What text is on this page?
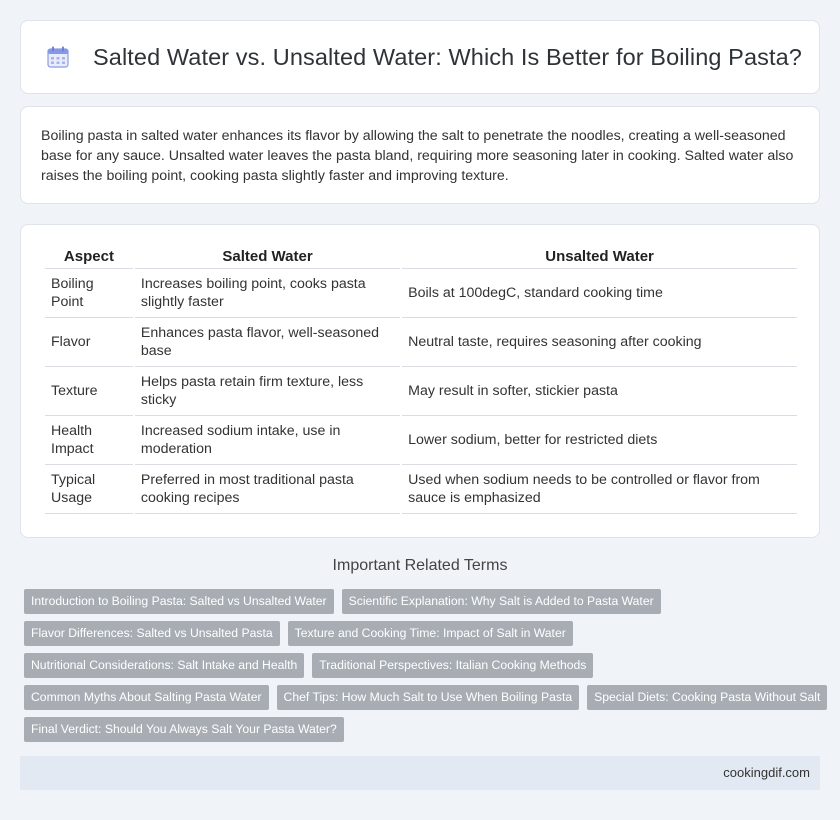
Salted Water vs. Unsalted Water: Which Is Better for Boiling Pasta?

Boiling pasta in salted water enhances its flavor by allowing the salt to penetrate the noodles, creating a well-seasoned base for any sauce. Unsalted water leaves the pasta bland, requiring more seasoning later in cooking. Salted water also raises the boiling point, cooking pasta slightly faster and improving texture.

Aspect	Salted Water	Unsalted Water
Boiling Point	Increases boiling point, cooks pasta slightly faster	Boils at 100degC, standard cooking time
Flavor	Enhances pasta flavor, well-seasoned base	Neutral taste, requires seasoning after cooking
Texture	Helps pasta retain firm texture, less sticky	May result in softer, stickier pasta
Health Impact	Increased sodium intake, use in moderation	Lower sodium, better for restricted diets
Typical Usage	Preferred in most traditional pasta cooking recipes	Used when sodium needs to be controlled or flavor from sauce is emphasized
Important Related Terms
Introduction to Boiling Pasta: Salted vs Unsalted Water	Scientific Explanation: Why Salt is Added to Pasta Water
Flavor Differences: Salted vs Unsalted Pasta	Texture and Cooking Time: Impact of Salt in Water
Nutritional Considerations: Salt Intake and Health	Traditional Perspectives: Italian Cooking Methods
Common Myths About Salting Pasta Water	Chef Tips: How Much Salt to Use When Boiling Pasta	Special Diets: Cooking Pasta Without Salt
Final Verdict: Should You Always Salt Your Pasta Water?
cookingdif.com
